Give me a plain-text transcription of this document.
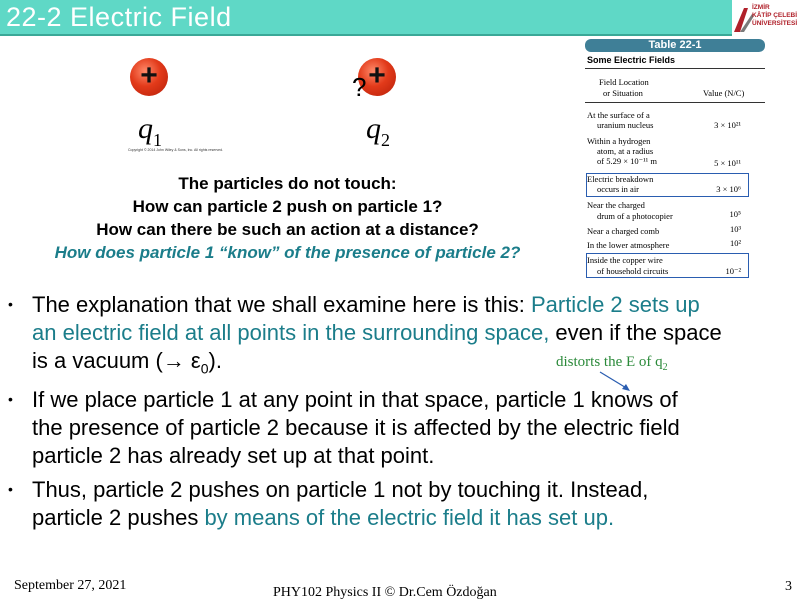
22-2 Electric Field	İZMİR
KÂTİP ÇELEBİ
ÜNİVERSİTESİ
+
$q_1$
+
?
$q_2$
Copyright © 2014 John Wiley & Sons, Inc. All rights reserved.
Table 22-1
Some Electric Fields
Field Location
or Situation	Value (N/C)
At the surface of a
uranium nucleus	3 × 10²¹
Within a hydrogen
atom, at a radius
of 5.29 × 10⁻¹¹ m	5 × 10¹¹
Electric breakdown
occurs in air	3 × 10⁶
Near the charged
drum of a photocopier	10⁵
Near a charged comb	10³
In the lower atmosphere	10²
Inside the copper wire
of household circuits	10⁻²
The particles do not touch:
How can particle 2 push on particle 1?
How can there be such an action at a distance?
How does particle 1 “know” of the presence of particle 2?
• The explanation that we shall examine here is this: Particle 2 sets up an electric field at all points in the surrounding space, even if the space is a vacuum (→ $\varepsilon_0$).	distorts the E of $q_2$
• If we place particle 1 at any point in that space, particle 1 knows of the presence of particle 2 because it is affected by the electric field particle 2 has already set up at that point.
• Thus, particle 2 pushes on particle 1 not by touching it. Instead, particle 2 pushes by means of the electric field it has set up.
September 27, 2021	PHY102 Physics II © Dr.Cem Özdoğan	3
